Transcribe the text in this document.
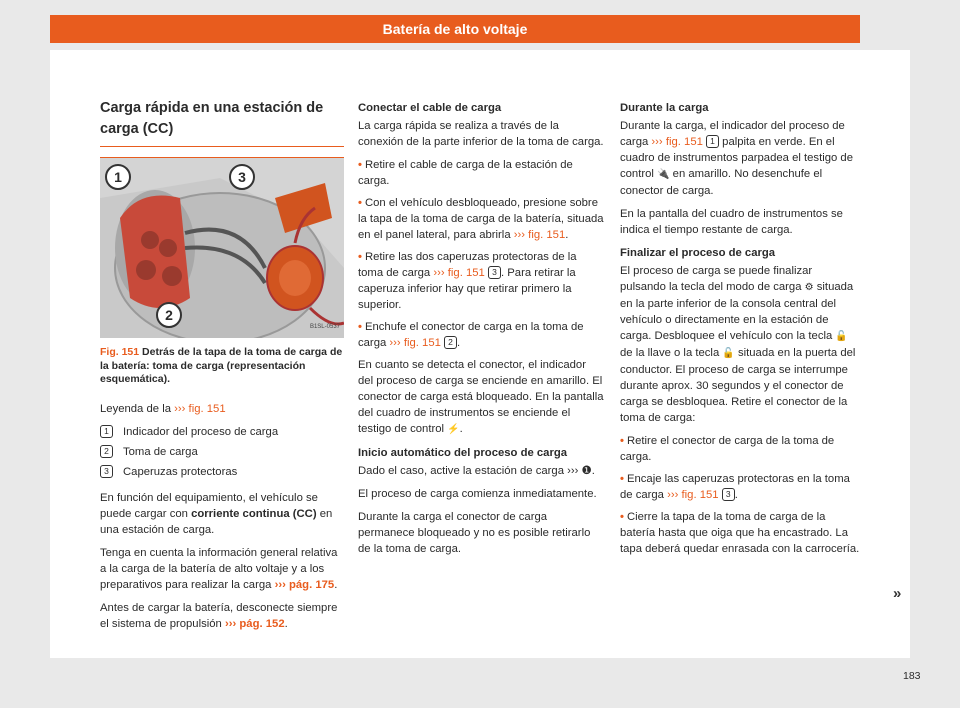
Batería de alto voltaje
Carga rápida en una estación de carga (CC)
1	3
2
B1SL-0537
Fig. 151 Detrás de la tapa de la toma de carga de la batería: toma de carga (representación esquemática).

Leyenda de la ››› fig. 151

1	Indicador del proceso de carga
2	Toma de carga
3	Caperuzas protectoras

En función del equipamiento, el vehículo se puede cargar con corriente continua (CC) en una estación de carga.

Tenga en cuenta la información general relativa a la carga de la batería de alto voltaje y a los preparativos para realizar la carga ››› pág. 175.

Antes de cargar la batería, desconecte siempre el sistema de propulsión ››› pág. 152.

Conectar el cable de carga

La carga rápida se realiza a través de la conexión de la parte inferior de la toma de carga.

• Retire el cable de carga de la estación de carga.

• Con el vehículo desbloqueado, presione sobre la tapa de la toma de carga de la batería, situada en el panel lateral, para abrirla ››› fig. 151.

• Retire las dos caperuzas protectoras de la toma de carga ››› fig. 151 3 . Para retirar la caperuza inferior hay que retirar primero la superior.

• Enchufe el conector de carga en la toma de carga ››› fig. 151 2 .

En cuanto se detecta el conector, el indicador del proceso de carga se enciende en amarillo. El conector de carga está bloqueado. En la pantalla del cuadro de instrumentos se enciende el testigo de control ⚡.

Inicio automático del proceso de carga

Dado el caso, active la estación de carga ››› ❶.

El proceso de carga comienza inmediatamente.

Durante la carga el conector de carga permanece bloqueado y no es posible retirarlo de la toma de carga.

Durante la carga

Durante la carga, el indicador del proceso de carga ››› fig. 151 1 palpita en verde. En el cuadro de instrumentos parpadea el testigo de control 🔌 en amarillo. No desenchufe el conector de carga.

En la pantalla del cuadro de instrumentos se indica el tiempo restante de carga.

Finalizar el proceso de carga

El proceso de carga se puede finalizar pulsando la tecla del modo de carga ⚙ situada en la parte inferior de la consola central del vehículo o directamente en la estación de carga. Desbloquee el vehículo con la tecla 🔓 de la llave o la tecla 🔓 situada en la puerta del conductor. El proceso de carga se interrumpe durante aprox. 30 segundos y el conector de carga se desbloquea. Retire el conector de la toma de carga:

• Retire el conector de carga de la toma de carga.

• Encaje las caperuzas protectoras en la toma de carga ››› fig. 151 3 .

• Cierre la tapa de la toma de carga de la batería hasta que oiga que ha encastrado. La tapa deberá quedar enrasada con la carrocería.

»
183
